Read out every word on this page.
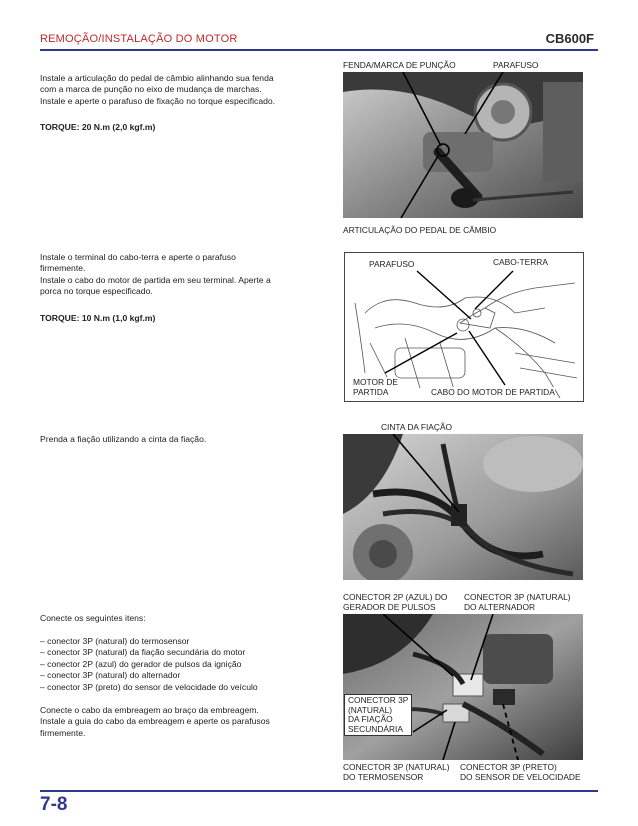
REMOÇÃO/INSTALAÇÃO DO MOTOR	CB600F
Instale a articulação do pedal de câmbio alinhando sua fenda
com a marca de punção no eixo de mudança de marchas.
Instale e aperte o parafuso de fixação no torque especificado.
TORQUE: 20 N.m (2,0 kgf.m)
FENDA/MARCA DE PUNÇÃO	PARAFUSO
ARTICULAÇÃO DO PEDAL DE CÂMBIO
Instale o terminal do cabo-terra e aperte o parafuso
firmemente.
Instale o cabo do motor de partida em seu terminal. Aperte a
porca no torque especificado.
TORQUE: 10 N.m (1,0 kgf.m)
PARAFUSO	CABO-TERRA
MOTOR DE
PARTIDA	CABO DO MOTOR DE PARTIDA
Prenda a fiação utilizando a cinta da fiação.
CINTA DA FIAÇÃO
Conecte os seguintes itens:
– conector 3P (natural) do termosensor
– conector 3P (natural) da fiação secundária do motor
– conector 2P (azul) do gerador de pulsos da ignição
– conector 3P (natural) do alternador
– conector 3P (preto) do sensor de velocidade do veículo
Conecte o cabo da embreagem ao braço da embreagem.
Instale a guia do cabo da embreagem e aperte os parafusos
firmemente.
CONECTOR 2P (AZUL) DO
GERADOR DE PULSOS
CONECTOR 3P (NATURAL)
DO ALTERNADOR
CONECTOR 3P
(NATURAL)
DA FIAÇÃO
SECUNDÁRIA
CONECTOR 3P (NATURAL)
DO TERMOSENSOR
CONECTOR 3P (PRETO)
DO SENSOR DE VELOCIDADE
7-8
